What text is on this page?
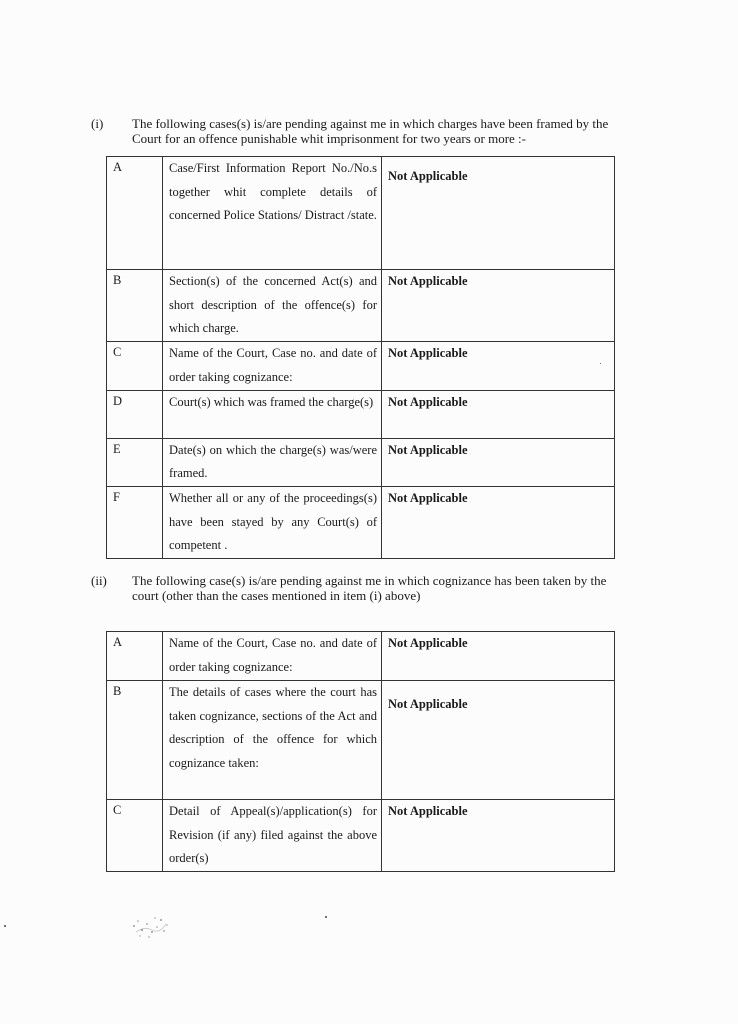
(i) The following cases(s) is/are pending against me in which charges have been framed by the Court for an offence punishable whit imprisonment for two years or more :-
A	Case/First Information Report No./No.s together whit complete details of concerned Police Stations/ Distract /state.	Not Applicable

B	Section(s) of the concerned Act(s) and short description of the offence(s) for which charge.	Not Applicable

C	Name of the Court, Case no. and date of order taking cognizance:	Not Applicable

D	Court(s) which was framed the charge(s)	Not Applicable

E	Date(s) on which the charge(s) was/were framed.	Not Applicable

F	Whether all or any of the proceedings(s) have been stayed by any Court(s) of competent .	Not Applicable
(ii) The following case(s) is/are pending against me in which cognizance has been taken by the court (other than the cases mentioned in item (i) above)
A	Name of the Court, Case no. and date of order taking cognizance:	Not Applicable

B	The details of cases where the court has taken cognizance, sections of the Act and description of the offence for which cognizance taken:	Not Applicable

C	Detail of Appeal(s)/application(s) for Revision (if any) filed against the above order(s)	Not Applicable
